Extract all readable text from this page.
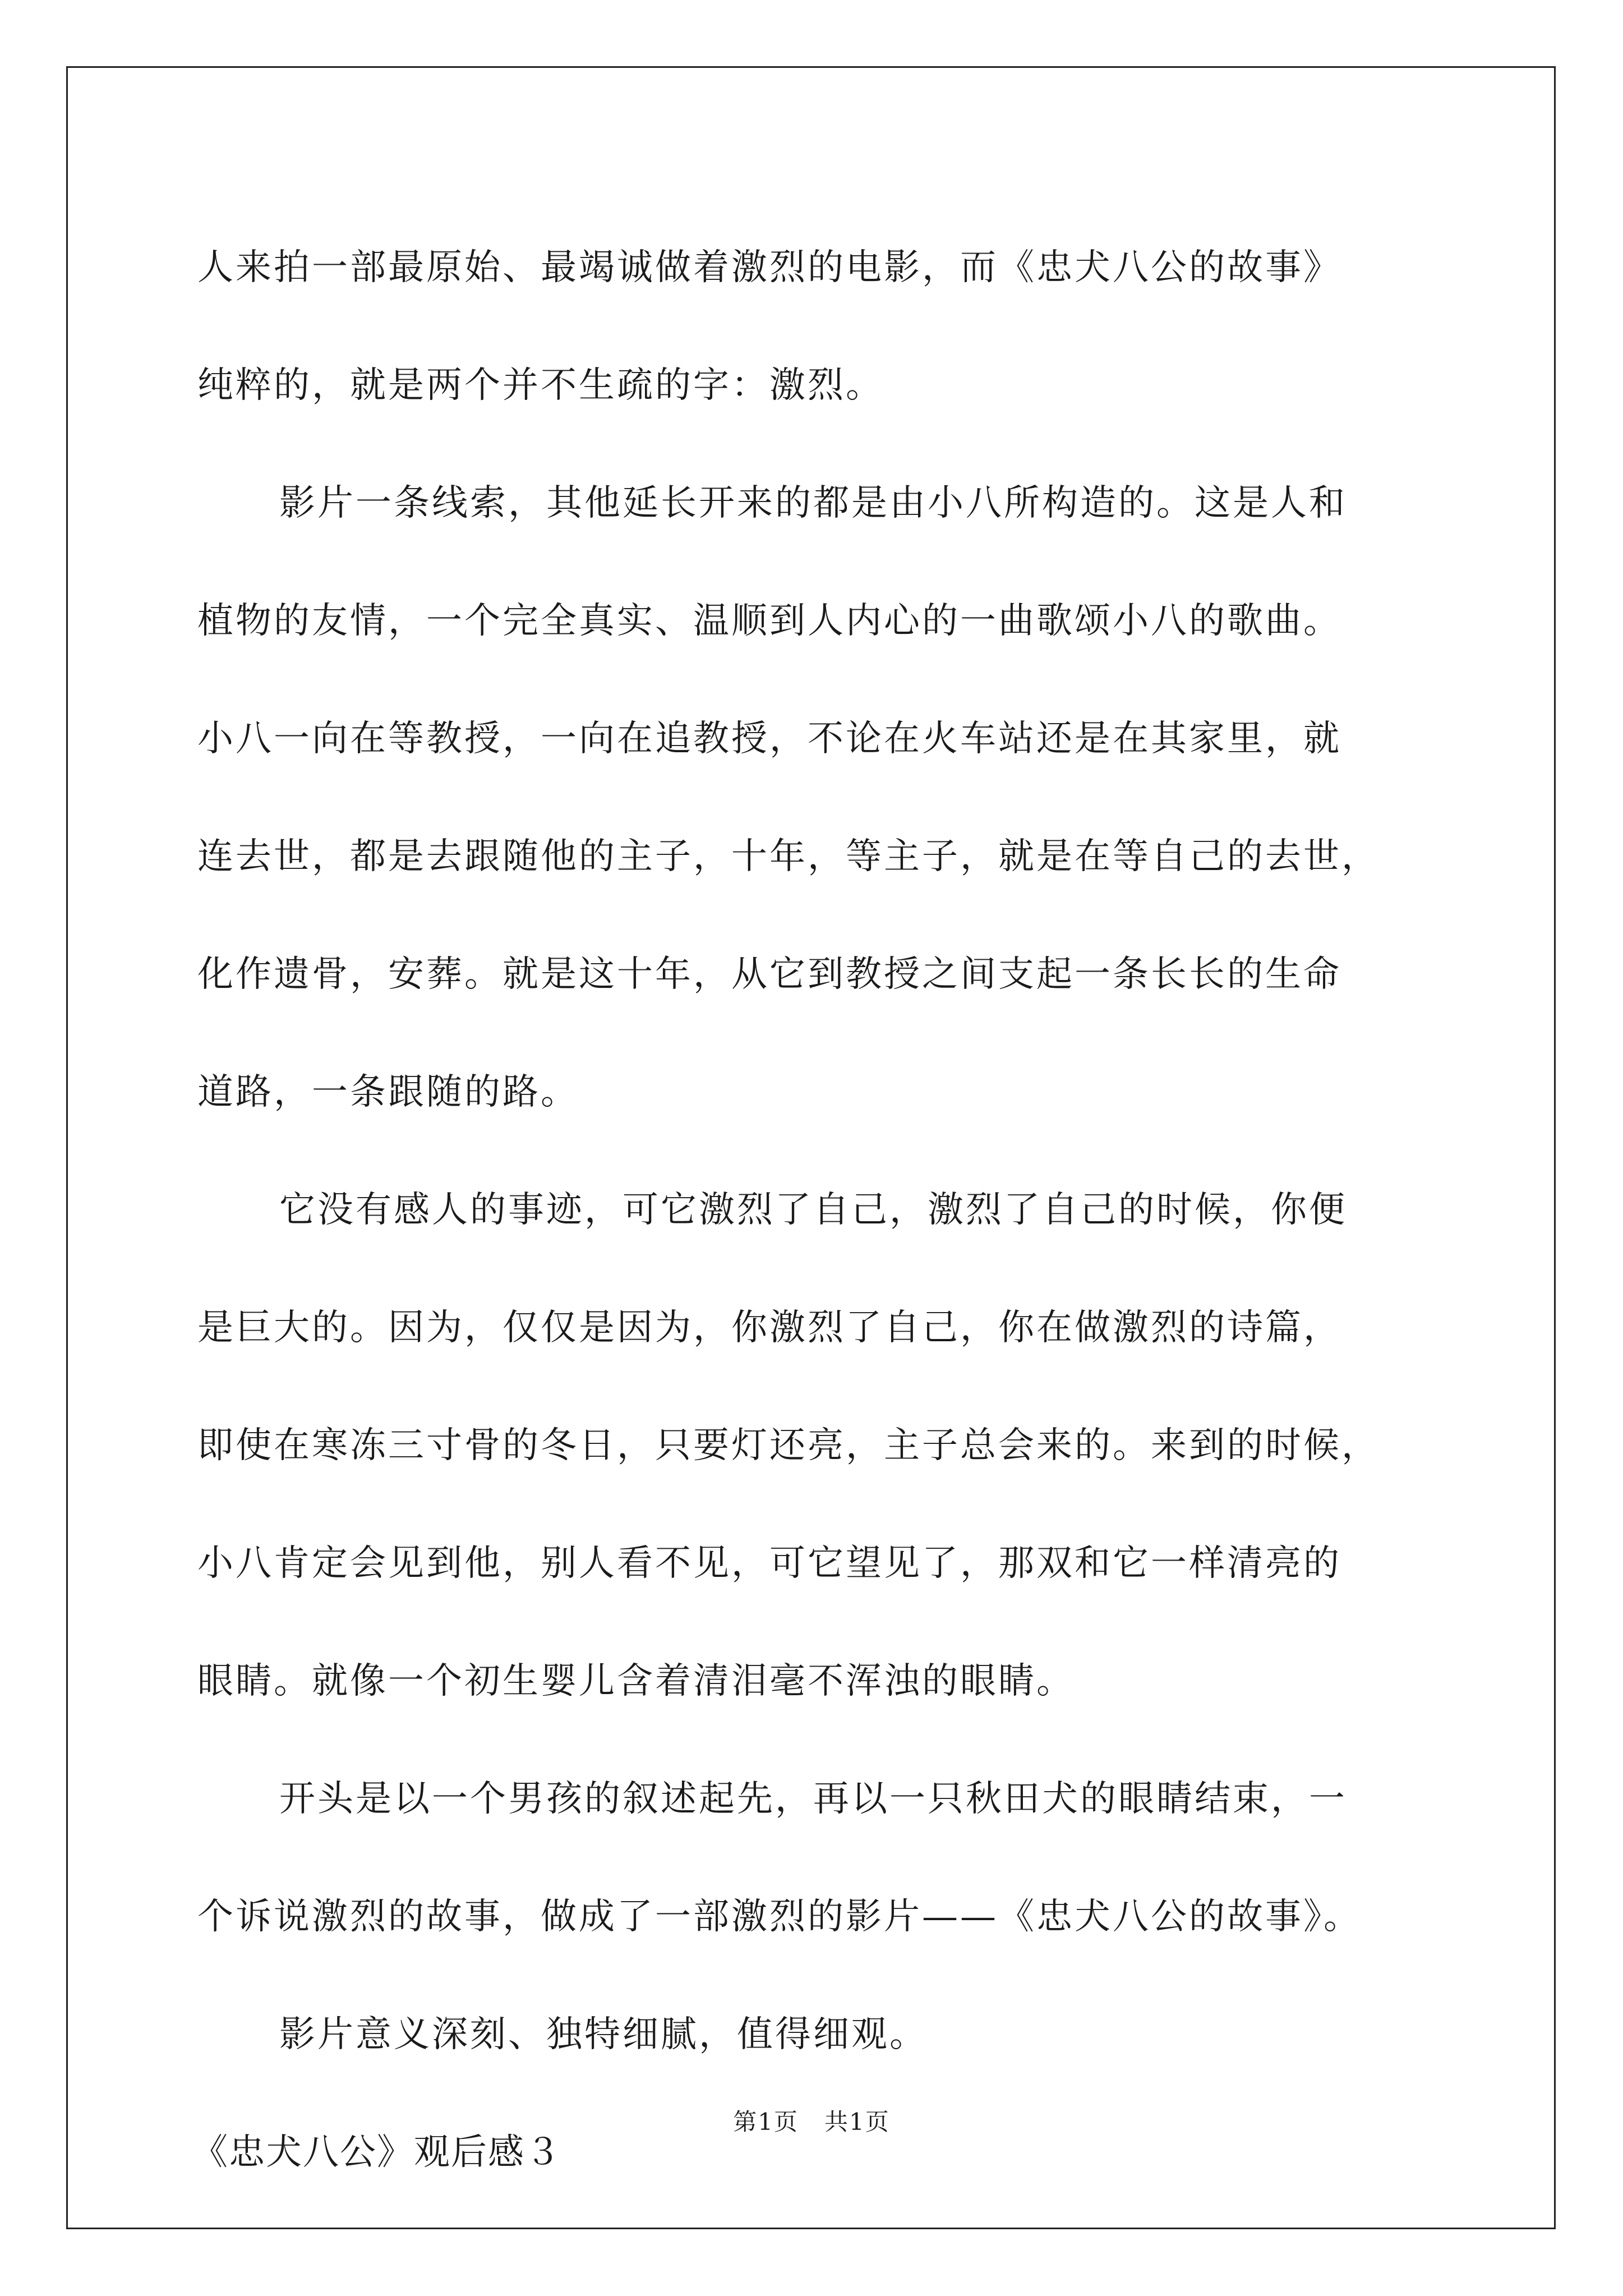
人来拍一部最原始、最竭诚做着激烈的电影，而《忠犬八公的故事》
纯粹的，就是两个并不生疏的字：激烈。
影片一条线索，其他延长开来的都是由小八所构造的。这是人和
植物的友情，一个完全真实、温顺到人内心的一曲歌颂小八的歌曲。
小八一向在等教授，一向在追教授，不论在火车站还是在其家里，就
连去世，都是去跟随他的主子，十年，等主子，就是在等自己的去世，
化作遗骨，安葬。就是这十年，从它到教授之间支起一条长长的生命
道路，一条跟随的路。
它没有感人的事迹，可它激烈了自己，激烈了自己的时候，你便
是巨大的。因为，仅仅是因为，你激烈了自己，你在做激烈的诗篇，
即使在寒冻三寸骨的冬日，只要灯还亮，主子总会来的。来到的时候，
小八肯定会见到他，别人看不见，可它望见了，那双和它一样清亮的
眼睛。就像一个初生婴儿含着清泪毫不浑浊的眼睛。
开头是以一个男孩的叙述起先，再以一只秋田犬的眼睛结束，一
个诉说激烈的故事，做成了一部激烈的影片——《忠犬八公的故事》。
影片意义深刻、独特细腻，值得细观。
《忠犬八公》观后感３
第1页 共1页
